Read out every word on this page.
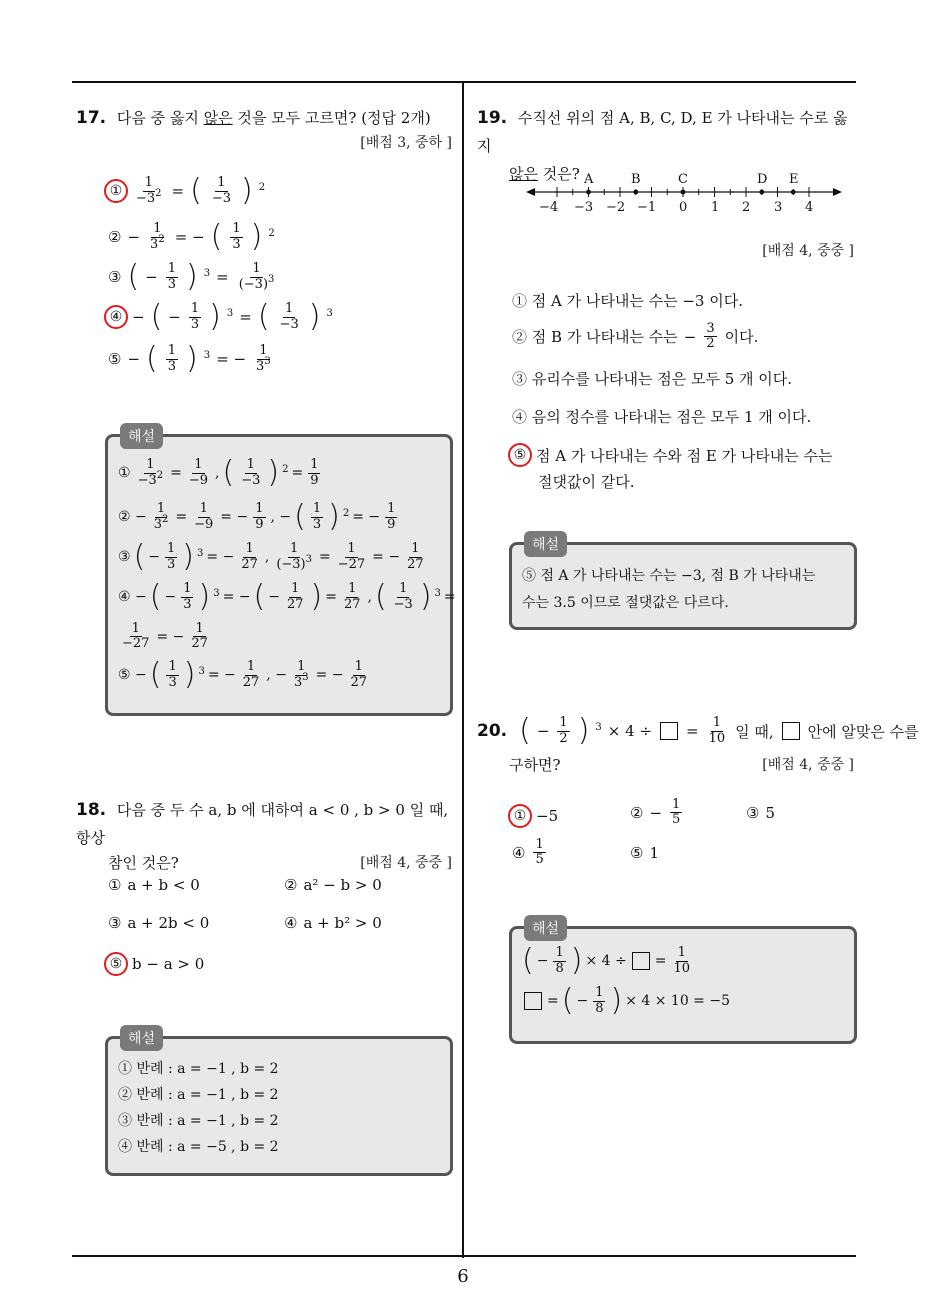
6
17. 다음 중 옳지 않은 것을 모두 고르면? (정답 2개)
[배점 3, 중하 ]
① $\frac{1}{-3^2}$ = ( $\frac{1}{-3}$ ) $^2$
② − $\frac{1}{3^2}$ = − ( $\frac{1}{3}$ ) $^2$
③ ( − $\frac{1}{3}$ ) $^3 = \frac{1}{(-3)^3}$
④ − ( − $\frac{1}{3}$ ) $^3$ = ( $\frac{1}{-3}$ ) $^3$
⑤ − ( $\frac{1}{3}$ ) $^3$ = − $\frac{1}{3^3}$
해설
① $\frac{1}{-3^2} = \frac{1}{-9}$ , ( $\frac{1}{-3}$ ) $^2 = \frac{1}{9}$
② − $\frac{1}{3^2} = \frac{1}{-9}$ = − $\frac{1}{9}$ , − ( $\frac{1}{3}$ ) $^2$ = − $\frac{1}{9}$
③ ( − $\frac{1}{3}$ ) $^3$ = − $\frac{1}{27}$ , $\frac{1}{(-3)^3} = \frac{1}{-27}$ = − $\frac{1}{27}$
④ − ( − $\frac{1}{3}$ ) $^3$ = − ( − $\frac{1}{27}$ ) = $\frac{1}{27}$ , ( $\frac{1}{-3}$ ) $^3$ =
$\frac{1}{-27}$ = − $\frac{1}{27}$
⑤ − ( $\frac{1}{3}$ ) $^3$ = − $\frac{1}{27}$ , − $\frac{1}{3^3}$ = − $\frac{1}{27}$
18. 다음 중 두 수 a, b 에 대하여 a < 0 , b > 0 일 때, 항상
참인 것은?	[배점 4, 중중 ]
① a + b < 0	② a² − b > 0
③ a + 2b < 0	④ a + b² > 0
⑤ b − a > 0
해설
① 반례 : a = −1 , b = 2
② 반례 : a = −1 , b = 2
③ 반례 : a = −1 , b = 2
④ 반례 : a = −5 , b = 2
19. 수직선 위의 점 A, B, C, D, E 가 나타내는 수로 옳지
않은 것은? A	B	C	D E
−4 −3 −2 −1 0 1 2 3 4
[배점 4, 중중 ]
① 점 A 가 나타내는 수는 −3 이다.
② 점 B 가 나타내는 수는 − $\frac{3}{2}$ 이다.
③ 유리수를 나타내는 점은 모두 5 개 이다.
④ 음의 정수를 나타내는 점은 모두 1 개 이다.
⑤ 점 A 가 나타내는 수와 점 E 가 나타내는 수는
절댓값이 같다.
해설
⑤ 점 A 가 나타내는 수는 −3, 점 B 가 나타내는
수는 3.5 이므로 절댓값은 다르다.
20. ( − $\frac{1}{2}$ ) $^3$ × 4 ÷
= $\frac{1}{10}$ 일 때, 안에 알맞은 수를
구하면?	[배점 4, 중중 ]
① −5	② − $\frac{1}{5}$	③ 5
④ $\frac{1}{5}$	⑤ 1
해설
( − $\frac{1}{8}$ ) × 4 ÷
= $\frac{1}{10}$
= ( − $\frac{1}{8}$ ) × 4 × 10 = −5
